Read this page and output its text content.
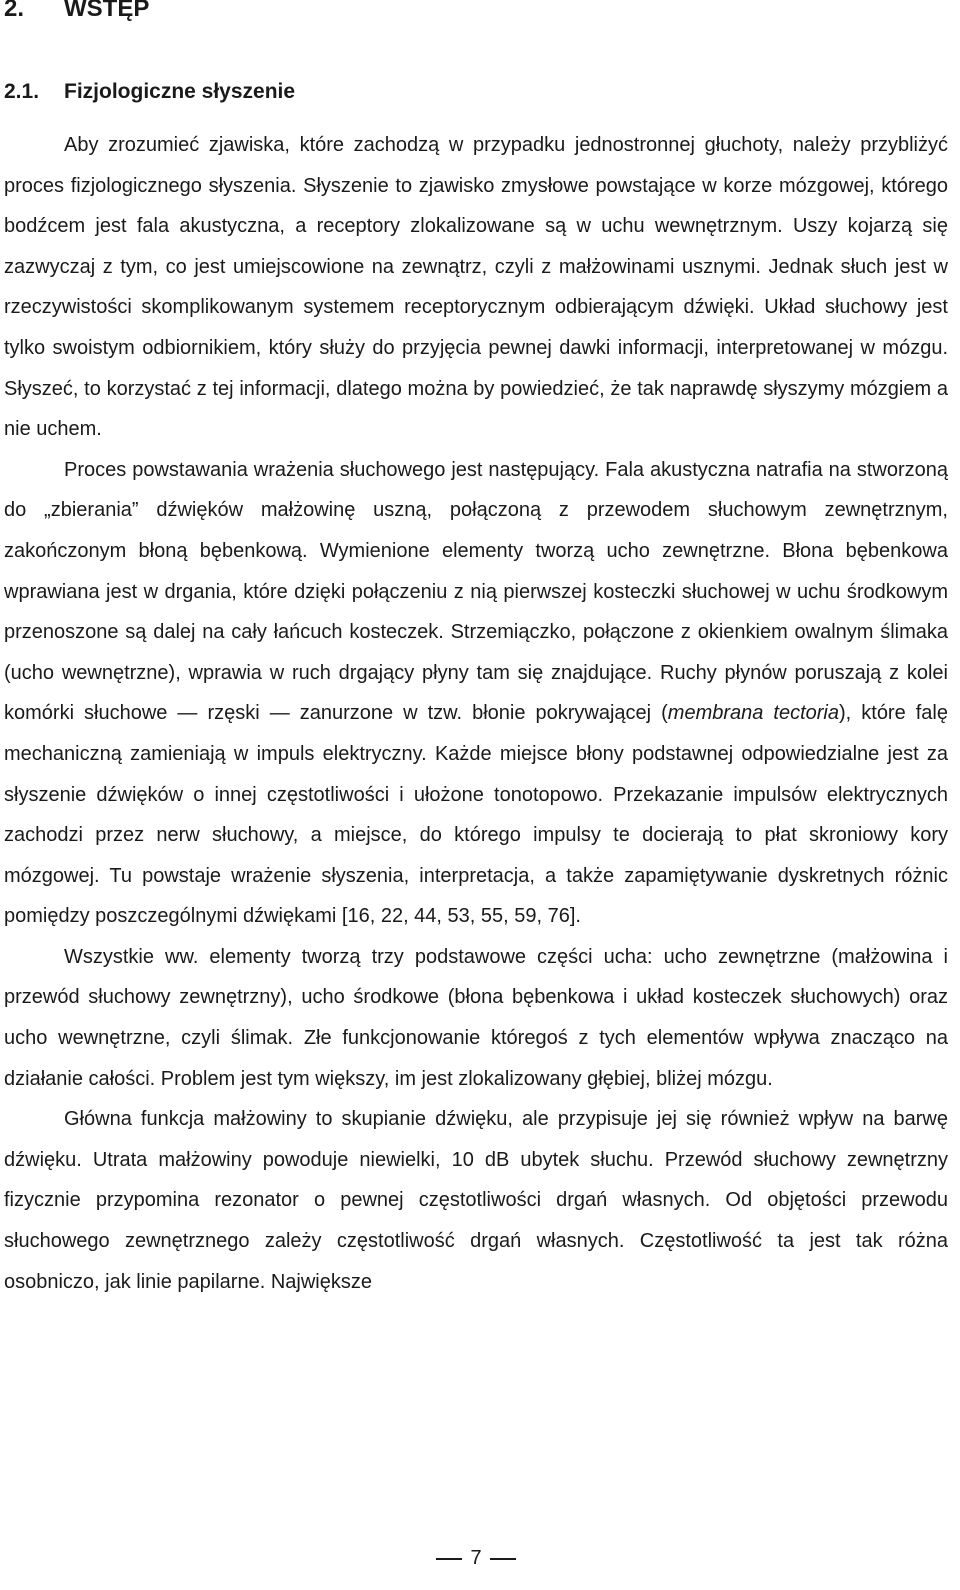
2. WSTĘP
2.1. Fizjologiczne słyszenie

Aby zrozumieć zjawiska, które zachodzą w przypadku jednostronnej głuchoty, należy przybliżyć proces fizjologicznego słyszenia. Słyszenie to zjawisko zmysłowe powstające w korze mózgowej, którego bodźcem jest fala akustyczna, a receptory zlokalizowane są w uchu wewnętrznym. Uszy kojarzą się zazwyczaj z tym, co jest umiejscowione na zewnątrz, czyli z małżowinami usznymi. Jednak słuch jest w rzeczywistości skomplikowanym systemem receptorycznym odbierającym dźwięki. Układ słuchowy jest tylko swoistym odbiornikiem, który służy do przyjęcia pewnej dawki informacji, interpretowanej w mózgu. Słyszeć, to korzystać z tej informacji, dlatego można by powiedzieć, że tak naprawdę słyszymy mózgiem a nie uchem.

Proces powstawania wrażenia słuchowego jest następujący. Fala akustyczna natrafia na stworzoną do „zbierania” dźwięków małżowinę uszną, połączoną z przewodem słuchowym zewnętrznym, zakończonym błoną bębenkową. Wymienione elementy tworzą ucho zewnętrzne. Błona bębenkowa wprawiana jest w drgania, które dzięki połączeniu z nią pierwszej kosteczki słuchowej w uchu środkowym przenoszone są dalej na cały łańcuch kosteczek. Strzemiączko, połączone z okienkiem owalnym ślimaka (ucho wewnętrzne), wprawia w ruch drgający płyny tam się znajdujące. Ruchy płynów poruszają z kolei komórki słuchowe — rzęski — zanurzone w tzw. błonie pokrywającej (membrana tectoria), które falę mechaniczną zamieniają w impuls elektryczny. Każde miejsce błony podstawnej odpowiedzialne jest za słyszenie dźwięków o innej częstotliwości i ułożone tonotopowo. Przekazanie impulsów elektrycznych zachodzi przez nerw słuchowy, a miejsce, do którego impulsy te docierają to płat skroniowy kory mózgowej. Tu powstaje wrażenie słyszenia, interpretacja, a także zapamiętywanie dyskretnych różnic pomiędzy poszczególnymi dźwiękami [16, 22, 44, 53, 55, 59, 76].

Wszystkie ww. elementy tworzą trzy podstawowe części ucha: ucho zewnętrzne (małżowina i przewód słuchowy zewnętrzny), ucho środkowe (błona bębenkowa i układ kosteczek słuchowych) oraz ucho wewnętrzne, czyli ślimak. Złe funkcjonowanie któregoś z tych elementów wpływa znacząco na działanie całości. Problem jest tym większy, im jest zlokalizowany głębiej, bliżej mózgu.

Główna funkcja małżowiny to skupianie dźwięku, ale przypisuje jej się również wpływ na barwę dźwięku. Utrata małżowiny powoduje niewielki, 10 dB ubytek słuchu. Przewód słuchowy zewnętrzny fizycznie przypomina rezonator o pewnej częstotliwości drgań własnych. Od objętości przewodu słuchowego zewnętrznego zależy częstotliwość drgań własnych. Częstotliwość ta jest tak różna osobniczo, jak linie papilarne. Największe

7
